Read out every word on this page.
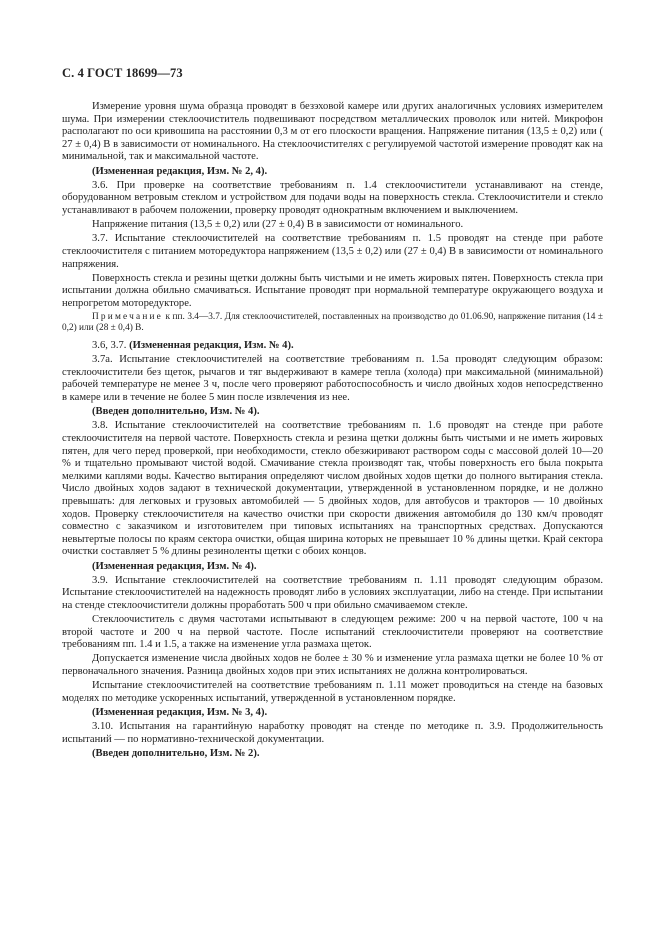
С. 4 ГОСТ 18699—73

Измерение уровня шума образца проводят в безэховой камере или других аналогичных условиях измерителем шума. При измерении стеклоочиститель подвешивают посредством металлических проволок или нитей. Микрофон располагают по оси кривошипа на расстоянии 0,3 м от его плоскости вращения. Напряжение питания (13,5 ± 0,2) или ( 27 ± 0,4) В в зависимости от номинального. На стеклоочистителях с регулируемой частотой измерение проводят как на минимальной, так и максимальной частоте.

(Измененная редакция, Изм. № 2, 4).

3.6. При проверке на соответствие требованиям п. 1.4 стеклоочистители устанавливают на стенде, оборудованном ветровым стеклом и устройством для подачи воды на поверхность стекла. Стеклоочистители и стекло устанавливают в рабочем положении, проверку проводят однократным включением и выключением.

Напряжение питания (13,5 ± 0,2) или (27 ± 0,4) В в зависимости от номинального.

3.7. Испытание стеклоочистителей на соответствие требованиям п. 1.5 проводят на стенде при работе стеклоочистителя с питанием моторедуктора напряжением (13,5 ± 0,2) или (27 ± 0,4) В в зависимости от номинального напряжения.

Поверхность стекла и резины щетки должны быть чистыми и не иметь жировых пятен. Поверхность стекла при испытании должна обильно смачиваться. Испытание проводят при нормальной температуре окружающего воздуха и непрогретом моторедукторе.

Примечание к пп. 3.4—3.7. Для стеклоочистителей, поставленных на производство до 01.06.90, напряжение питания (14 ± 0,2) или (28 ± 0,4) В.

3.6, 3.7. (Измененная редакция, Изм. № 4).

3.7а. Испытание стеклоочистителей на соответствие требованиям п. 1.5а проводят следующим образом: стеклоочистители без щеток, рычагов и тяг выдерживают в камере тепла (холода) при максимальной (минимальной) рабочей температуре не менее 3 ч, после чего проверяют работоспособность и число двойных ходов непосредственно в камере или в течение не более 5 мин после извлечения из нее.

(Введен дополнительно, Изм. № 4).

3.8. Испытание стеклоочистителей на соответствие требованиям п. 1.6 проводят на стенде при работе стеклоочистителя на первой частоте. Поверхность стекла и резина щетки должны быть чистыми и не иметь жировых пятен, для чего перед проверкой, при необходимости, стекло обезжиривают раствором соды с массовой долей 10—20 % и тщательно промывают чистой водой. Смачивание стекла производят так, чтобы поверхность его была покрыта мелкими каплями воды. Качество вытирания определяют числом двойных ходов щетки до полного вытирания стекла. Число двойных ходов задают в технической документации, утвержденной в установленном порядке, и не должно превышать: для легковых и грузовых автомобилей — 5 двойных ходов, для автобусов и тракторов — 10 двойных ходов. Проверку стеклоочистителя на качество очистки при скорости движения автомобиля до 130 км/ч проводят совместно с заказчиком и изготовителем при типовых испытаниях на транспортных средствах. Допускаются невытертые полосы по краям сектора очистки, общая ширина которых не превышает 10 % длины щетки. Край сектора очистки составляет 5 % длины резиноленты щетки с обоих концов.

(Измененная редакция, Изм. № 4).

3.9. Испытание стеклоочистителей на соответствие требованиям п. 1.11 проводят следующим образом. Испытание стеклоочистителей на надежность проводят либо в условиях эксплуатации, либо на стенде. При испытании на стенде стеклоочистители должны проработать 500 ч при обильно смачиваемом стекле.

Стеклоочиститель с двумя частотами испытывают в следующем режиме: 200 ч на первой частоте, 100 ч на второй частоте и 200 ч на первой частоте. После испытаний стеклоочистители проверяют на соответствие требованиям пп. 1.4 и 1.5, а также на изменение угла размаха щеток.

Допускается изменение числа двойных ходов не более ± 30 % и изменение угла размаха щетки не более 10 % от первоначального значения. Разница двойных ходов при этих испытаниях не должна контролироваться.

Испытание стеклоочистителей на соответствие требованиям п. 1.11 может проводиться на стенде на базовых моделях по методике ускоренных испытаний, утвержденной в установленном порядке.

(Измененная редакция, Изм. № 3, 4).

3.10. Испытания на гарантийную наработку проводят на стенде по методике п. 3.9. Продолжительность испытаний — по нормативно-технической документации.

(Введен дополнительно, Изм. № 2).
